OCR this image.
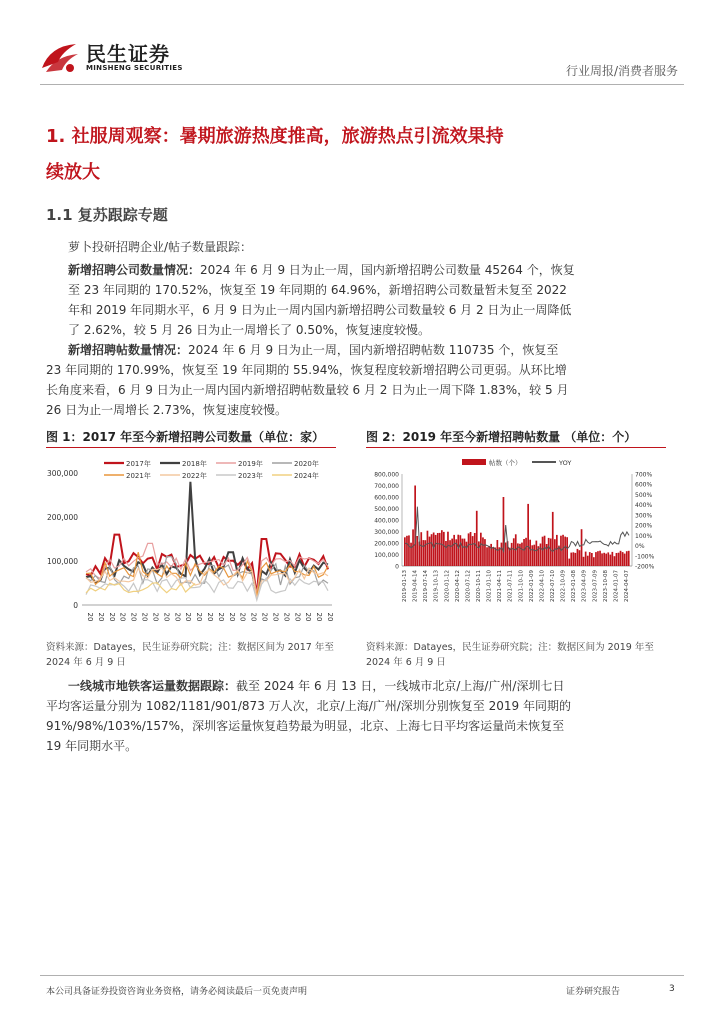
民生证券
MINSHENG SECURITIES	行业周报/消费者服务
1. 社服周观察：暑期旅游热度推高，旅游热点引流效果持
续放大
1.1 复苏跟踪专题
萝卜投研招聘企业/帖子数量跟踪：
新增招聘公司数量情况：2024 年 6 月 9 日为止一周，国内新增招聘公司数量 45264 个，恢复至 23 年同期的 170.52%，恢复至 19 年同期的 64.96%，新增招聘公司数量暂未复至 2022 年和 2019 年同期水平，6 月 9 日为止一周内国内新增招聘公司数量较 6 月 2 日为止一周降低了 2.62%，较 5 月 26 日为止一周增长了 0.50%，恢复速度较慢。
新增招聘帖数量情况：2024 年 6 月 9 日为止一周，国内新增招聘帖数 110735 个，恢复至 23 年同期的 170.99%，恢复至 19 年同期的 55.94%，恢复程度较新增招聘公司更弱。从环比增长角度来看，6 月 9 日为止一周内国内新增招聘帖数量较 6 月 2 日为止一周下降 1.83%，较 5 月 26 日为止一周增长 2.73%，恢复速度较慢。
图 1：2017 年至今新增招聘公司数量（单位：家）
0
100,000
200,000
300,000
20 20 20 20 20 20 20 20 20 20 20 20 20 20 20 20 20 20 20 20 20 20 20
2017年	2018年	2019年	2020年
2021年	2022年	2023年	2024年
资料来源：Datayes，民生证券研究院；注：数据区间为 2017 年至 2024 年 6 月 9 日
图 2：2019 年至今新增招聘帖数量 （单位：个）
0
100,000
200,000
300,000
400,000
500,000
600,000
700,000
800,000
-200%
-100%
0%
100%
200%
300%
400%
500%
600%
700%
帖数（个）	YOY
2019-01-13 2019-04-14 2019-07-14 2019-10-13 2020-01-12 2020-04-12 2020-07-12 2020-10-11 2021-01-10 2021-04-11 2021-07-11 2021-10-10 2022-01-09 2022-04-10 2022-07-10 2022-10-09 2023-01-08 2023-04-09 2023-07-09 2023-10-08 2024-01-07 2024-04-07
资料来源：Datayes，民生证券研究院；注：数据区间为 2019 年至 2024 年 6 月 9 日
一线城市地铁客运量数据跟踪：截至 2024 年 6 月 13 日，一线城市北京/上海/广州/深圳七日平均客运量分别为 1082/1181/901/873 万人次，北京/上海/广州/深圳分别恢复至 2019 年同期的 91%/98%/103%/157%，深圳客运量恢复趋势最为明显，北京、上海七日平均客运量尚未恢复至 19 年同期水平。
本公司具备证券投资咨询业务资格，请务必阅读最后一页免责声明	证券研究报告	3
